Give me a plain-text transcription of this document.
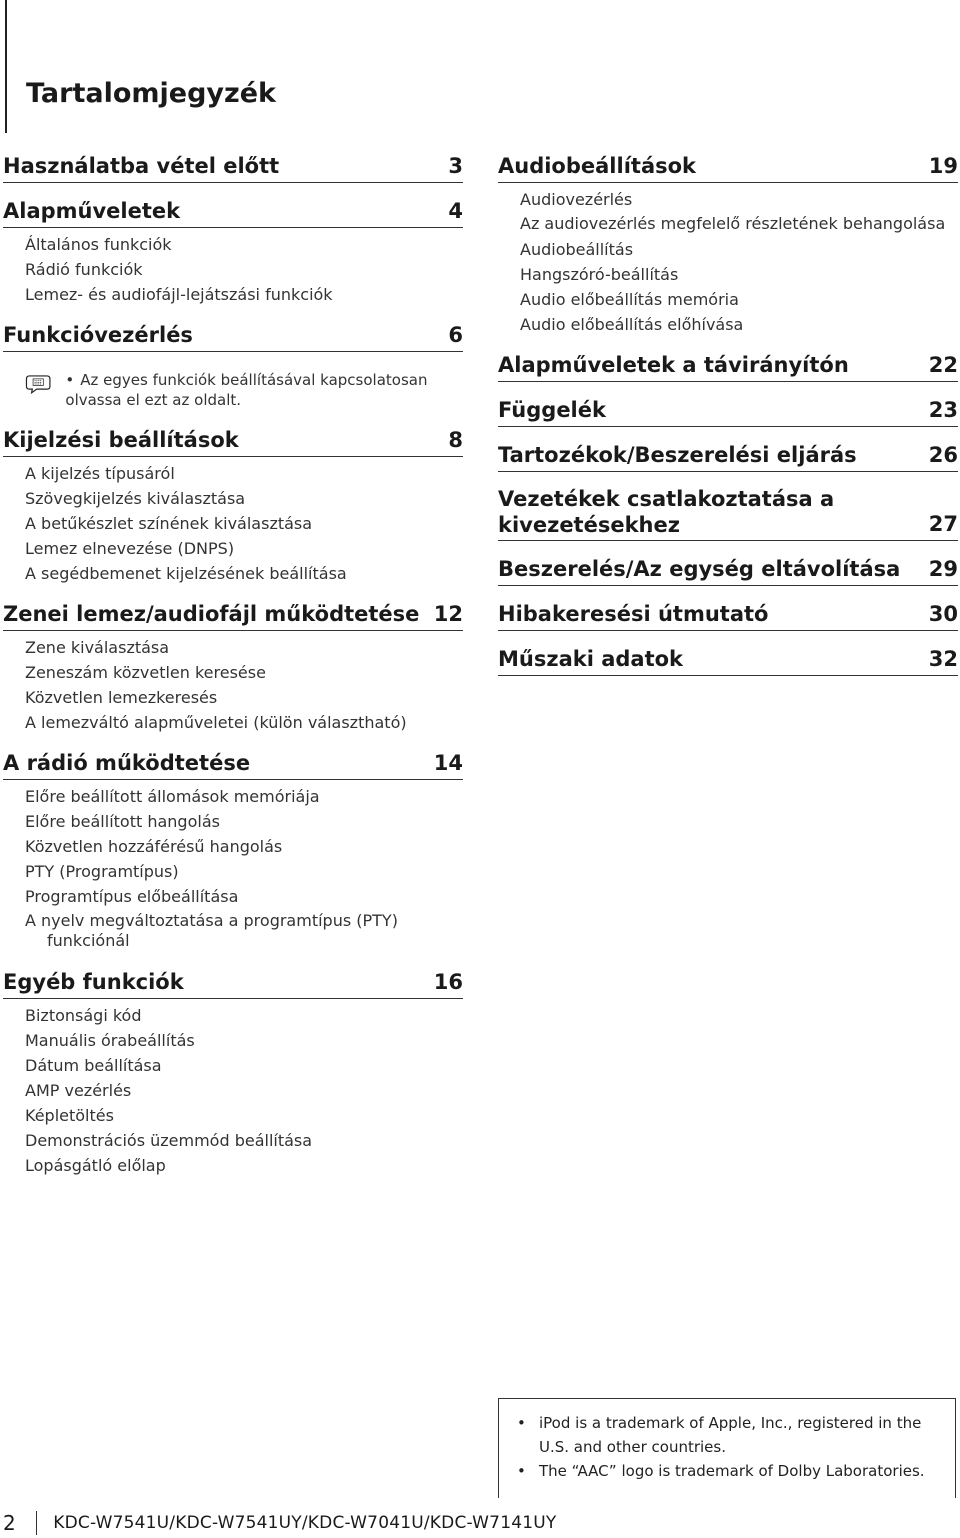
Tartalomjegyzék
Használatba vétel előtt	3
Alapműveletek	4
Általános funkciók
Rádió funkciók
Lemez- és audiofájl-lejátszási funkciók
Funkcióvezérlés	6
• Az egyes funkciók beállításával kapcsolatosan olvassa el ezt az oldalt.
Kijelzési beállítások	8
A kijelzés típusáról
Szövegkijelzés kiválasztása
A betűkészlet színének kiválasztása
Lemez elnevezése (DNPS)
A segédbemenet kijelzésének beállítása
Zenei lemez/audiofájl működtetése 12
Zene kiválasztása
Zeneszám közvetlen keresése
Közvetlen lemezkeresés
A lemezváltó alapműveletei (külön választható)
A rádió működtetése	14
Előre beállított állomások memóriája
Előre beállított hangolás
Közvetlen hozzáférésű hangolás
PTY (Programtípus)
Programtípus előbeállítása
A nyelv megváltoztatása a programtípus (PTY) funkciónál
Egyéb funkciók	16
Biztonsági kód
Manuális órabeállítás
Dátum beállítása
AMP vezérlés
Képletöltés
Demonstrációs üzemmód beállítása
Lopásgátló előlap
Audiobeállítások	19
Audiovezérlés
Az audiovezérlés megfelelő részletének behangolása
Audiobeállítás
Hangszóró-beállítás
Audio előbeállítás memória
Audio előbeállítás előhívása
Alapműveletek a távirányítón	22
Függelék	23
Tartozékok/Beszerelési eljárás	26
Vezetékek csatlakoztatása a
kivezetésekhez	27
Beszerelés/Az egység eltávolítása	29
Hibakeresési útmutató	30
Műszaki adatok	32
• iPod is a trademark of Apple, Inc., registered in the U.S. and other countries.
• The “AAC” logo is trademark of Dolby Laboratories.
2 KDC-W7541U/KDC-W7541UY/KDC-W7041U/KDC-W7141UY
